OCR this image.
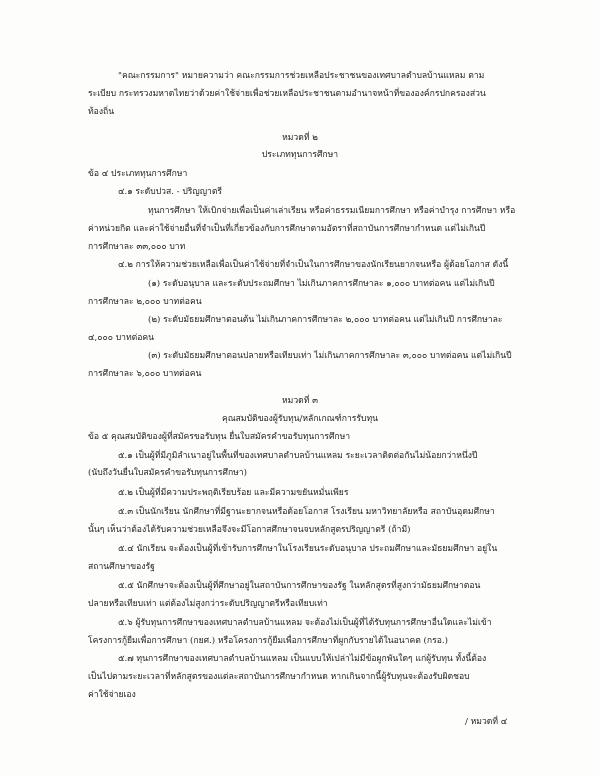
"คณะกรรมการ" หมายความว่า คณะกรรมการช่วยเหลือประชาชนของเทศบาลตำบลบ้านแหลม ตาม
ระเบียบ กระทรวงมหาดไทยว่าด้วยค่าใช้จ่ายเพื่อช่วยเหลือประชาชนตามอำนาจหน้าที่ขององค์กรปกครองส่วน
ท้องถิ่น
หมวดที่ ๒
ประเภททุนการศึกษา
ข้อ ๔ ประเภททุนการศึกษา
๔.๑ ระดับปวส. - ปริญญาตรี
ทุนการศึกษา ให้เบิกจ่ายเพื่อเป็นค่าเล่าเรียน หรือค่าธรรมเนียมการศึกษา หรือค่าบำรุง การศึกษา หรือ
ค่าหน่วยกิต และค่าใช้จ่ายอื่นที่จำเป็นที่เกี่ยวข้องกับการศึกษาตามอัตราที่สถาบันการศึกษากำหนด แต่ไม่เกินปี
การศึกษาละ ๓๓,๐๐๐ บาท
๔.๒ การให้ความช่วยเหลือเพื่อเป็นค่าใช้จ่ายที่จำเป็นในการศึกษาของนักเรียนยากจนหรือ ผู้ด้อยโอกาส ดังนี้
(๑) ระดับอนุบาล และระดับประถมศึกษา ไม่เกินภาคการศึกษาละ ๑,๐๐๐ บาทต่อคน แต่ไม่เกินปี
การศึกษาละ ๒,๐๐๐ บาทต่อคน
(๒) ระดับมัธยมศึกษาตอนต้น ไม่เกินภาคการศึกษาละ ๒,๐๐๐ บาทต่อคน แต่ไม่เกินปี การศึกษาละ
๔,๐๐๐ บาทต่อคน
(๓) ระดับมัธยมศึกษาตอนปลายหรือเทียบเท่า ไม่เกินภาคการศึกษาละ ๓,๐๐๐ บาทต่อคน แต่ไม่เกินปี
การศึกษาละ ๖,๐๐๐ บาทต่อคน
หมวดที่ ๓
คุณสมบัติของผู้รับทุน/หลักเกณฑ์การรับทุน
ข้อ ๕ คุณสมบัติของผู้ที่สมัครขอรับทุน ยื่นใบสมัครคำขอรับทุนการศึกษา
๕.๑ เป็นผู้ที่มีภูมิลำเนาอยู่ในพื้นที่ของเทศบาลตำบลบ้านแหลม ระยะเวลาติดต่อกันไม่น้อยกว่าหนึ่งปี
(นับถึงวันยื่นใบสมัครคำขอรับทุนการศึกษา)
๕.๒ เป็นผู้ที่มีความประพฤติเรียบร้อย และมีความขยันหมั่นเพียร
๕.๓ เป็นนักเรียน นักศึกษาที่มีฐานะยากจนหรือด้อยโอกาส โรงเรียน มหาวิทยาลัยหรือ สถาบันอุดมศึกษา
นั้นๆ เห็นว่าต้องได้รับความช่วยเหลือจึงจะมีโอกาสศึกษาจนจบหลักสูตรปริญญาตรี (ถ้ามี)
๕.๔ นักเรียน จะต้องเป็นผู้ที่เข้ารับการศึกษาในโรงเรียนระดับอนุบาล ประถมศึกษาและมัธยมศึกษา อยู่ใน
สถานศึกษาของรัฐ
๕.๕ นักศึกษาจะต้องเป็นผู้ที่ศึกษาอยู่ในสถาบันการศึกษาของรัฐ ในหลักสูตรที่สูงกว่ามัธยมศึกษาตอน
ปลายหรือเทียบเท่า แต่ต้องไม่สูงกว่าระดับปริญญาตรีหรือเทียบเท่า
๕.๖ ผู้รับทุนการศึกษาของเทศบาลตำบลบ้านแหลม จะต้องไม่เป็นผู้ที่ได้รับทุนการศึกษาอื่นใดและไม่เข้า
โครงการกู้ยืมเพื่อการศึกษา (กยศ.) หรือโครงการกู้ยืมเพื่อการศึกษาที่ผูกกับรายได้ในอนาคต (กรอ.)
๕.๗ ทุนการศึกษาของเทศบาลตำบลบ้านแหลม เป็นแบบให้เปล่าไม่มีข้อผูกพันใดๆ แก่ผู้รับทุน ทั้งนี้ต้อง
เป็นไปตามระยะเวลาที่หลักสูตรของแต่ละสถาบันการศึกษากำหนด หากเกินจากนี้ผู้รับทุนจะต้องรับผิดชอบ
ค่าใช้จ่ายเอง
/ หมวดที่ ๔
